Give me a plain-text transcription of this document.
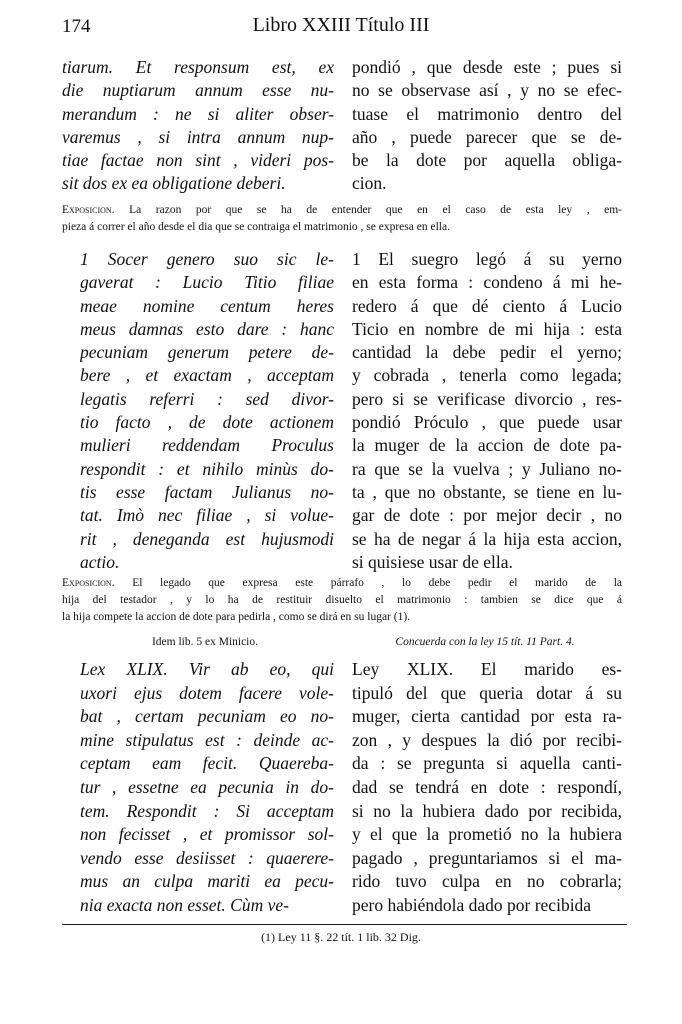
174	Libro XXIII Título III
tiarum. Et responsum est, ex
die nuptiarum annum esse nu-
merandum : ne si aliter obser-
varemus , si intra annum nup-
tiae factae non sint , videri pos-
sit dos ex ea obligatione deberi.
pondió , que desde este ; pues si
no se observase así , y no se efec-
tuase el matrimonio dentro del
año , puede parecer que se de-
be la dote por aquella obliga-
cion.
Exposicion. La razon por que se ha de entender que en el caso de esta ley , em-
pieza á correr el año desde el dia que se contraiga el matrimonio , se expresa en ella.
1 Socer genero suo sic le-
gaverat : Lucio Titio filiae
meae nomine centum heres
meus damnas esto dare : hanc
pecuniam generum petere de-
bere , et exactam , acceptam
legatis referri : sed divor-
tio facto , de dote actionem
mulieri reddendam Proculus
respondit : et nihilo minùs do-
tis esse factam Julianus no-
tat. Imò nec filiae , si volue-
rit , deneganda est hujusmodi
actio.
1 El suegro legó á su yerno
en esta forma : condeno á mi he-
redero á que dé ciento á Lucio
Ticio en nombre de mi hija : esta
cantidad la debe pedir el yerno;
y cobrada , tenerla como legada;
pero si se verificase divorcio , res-
pondió Próculo , que puede usar
la muger de la accion de dote pa-
ra que se la vuelva ; y Juliano no-
ta , que no obstante, se tiene en lu-
gar de dote : por mejor decir , no
se ha de negar á la hija esta accion,
si quisiese usar de ella.
Exposicion. El legado que expresa este párrafo , lo debe pedir el marido de la
hija del testador , y lo ha de restituir disuelto el matrimonio : tambien se dice que á
la hija compete la accion de dote para pedirla , como se dirá en su lugar (1).
Idem lib. 5 ex Minicio.	Concuerda con la ley 15 tít. 11 Part. 4.
Lex XLIX. Vir ab eo, qui
uxori ejus dotem facere vole-
bat , certam pecuniam eo no-
mine stipulatus est : deinde ac-
ceptam eam fecit. Quaereba-
tur , essetne ea pecunia in do-
tem. Respondit : Si acceptam
non fecisset , et promissor sol-
vendo esse desiisset : quaerere-
mus an culpa mariti ea pecu-
nia exacta non esset. Cùm ve-
Ley XLIX. El marido es-
tipuló del que queria dotar á su
muger, cierta cantidad por esta ra-
zon , y despues la dió por recibi-
da : se pregunta si aquella canti-
dad se tendrá en dote : respondí,
si no la hubiera dado por recibida,
y el que la prometió no la hubiera
pagado , preguntariamos si el ma-
rido tuvo culpa en no cobrarla;
pero habiéndola dado por recibida
(1) Ley 11 §. 22 tít. 1 lib. 32 Dig.
